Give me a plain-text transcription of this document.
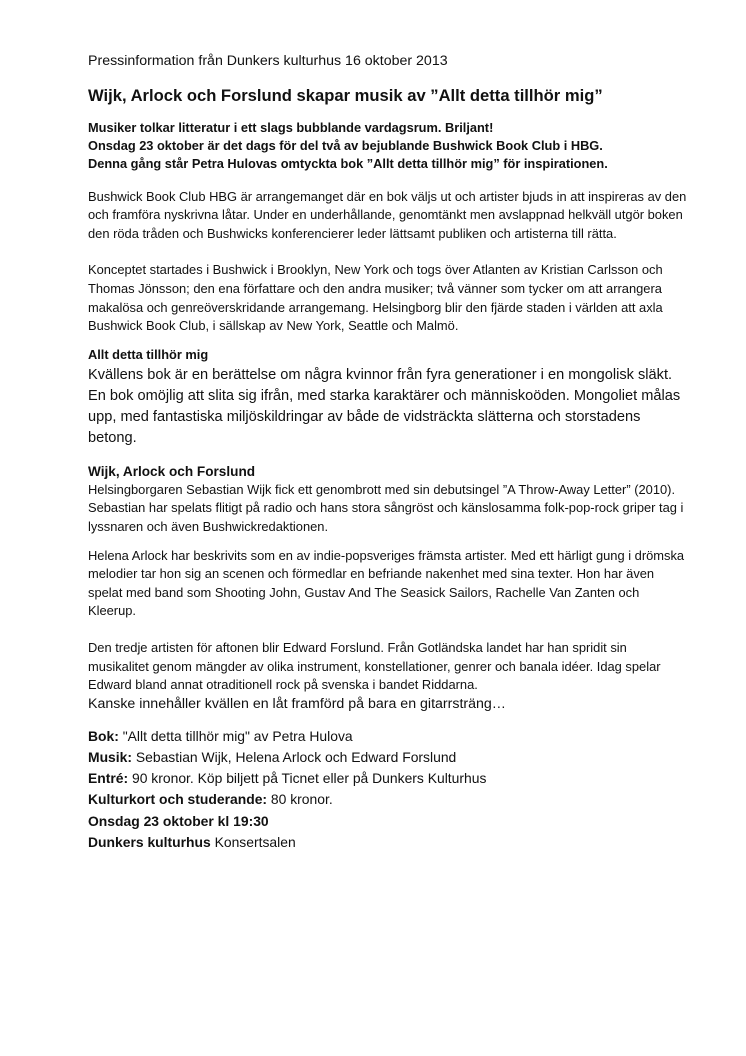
Pressinformation från Dunkers kulturhus 16 oktober 2013

Wijk, Arlock och Forslund skapar musik av ”Allt detta tillhör mig”
Musiker tolkar litteratur i ett slags bubblande vardagsrum. Briljant!
Onsdag 23 oktober är det dags för del två av bejublande Bushwick Book Club i HBG.
Denna gång står Petra Hulovas omtyckta bok ”Allt detta tillhör mig” för inspirationen.

Bushwick Book Club HBG är arrangemanget där en bok väljs ut och artister bjuds in att inspireras av den och framföra nyskrivna låtar. Under en underhållande, genomtänkt men avslappnad helkväll utgör boken den röda tråden och Bushwicks konferencierer leder lättsamt publiken och artisterna till rätta.

Konceptet startades i Bushwick i Brooklyn, New York och togs över Atlanten av Kristian Carlsson och Thomas Jönsson; den ena författare och den andra musiker; två vänner som tycker om att arrangera makalösa och genreöverskridande arrangemang. Helsingborg blir den fjärde staden i världen att axla Bushwick Book Club, i sällskap av New York, Seattle och Malmö.

Allt detta tillhör mig

Kvällens bok är en berättelse om några kvinnor från fyra generationer i en mongolisk släkt. En bok omöjlig att slita sig ifrån, med starka karaktärer och människoöden. Mongoliet målas upp, med fantastiska miljöskildringar av både de vidsträckta slätterna och storstadens betong.

Wijk, Arlock och Forslund

Helsingborgaren Sebastian Wijk fick ett genombrott med sin debutsingel ”A Throw-Away Letter” (2010). Sebastian har spelats flitigt på radio och hans stora sångröst och känslosamma folk-pop-rock griper tag i lyssnaren och även Bushwickredaktionen.

Helena Arlock har beskrivits som en av indie-popsveriges främsta artister. Med ett härligt gung i drömska melodier tar hon sig an scenen och förmedlar en befriande nakenhet med sina texter. Hon har även spelat med band som Shooting John, Gustav And The Seasick Sailors, Rachelle Van Zanten och Kleerup.

Den tredje artisten för aftonen blir Edward Forslund. Från Gotländska landet har han spridit sin musikalitet genom mängder av olika instrument, konstellationer, genrer och banala idéer. Idag spelar Edward bland annat otraditionell rock på svenska i bandet Riddarna.

Kanske innehåller kvällen en låt framförd på bara en gitarrsträng…

Bok: "Allt detta tillhör mig" av Petra Hulova
Musik: Sebastian Wijk, Helena Arlock och Edward Forslund
Entré: 90 kronor. Köp biljett på Ticnet eller på Dunkers Kulturhus
Kulturkort och studerande: 80 kronor.
Onsdag 23 oktober kl 19:30
Dunkers kulturhus Konsertsalen
